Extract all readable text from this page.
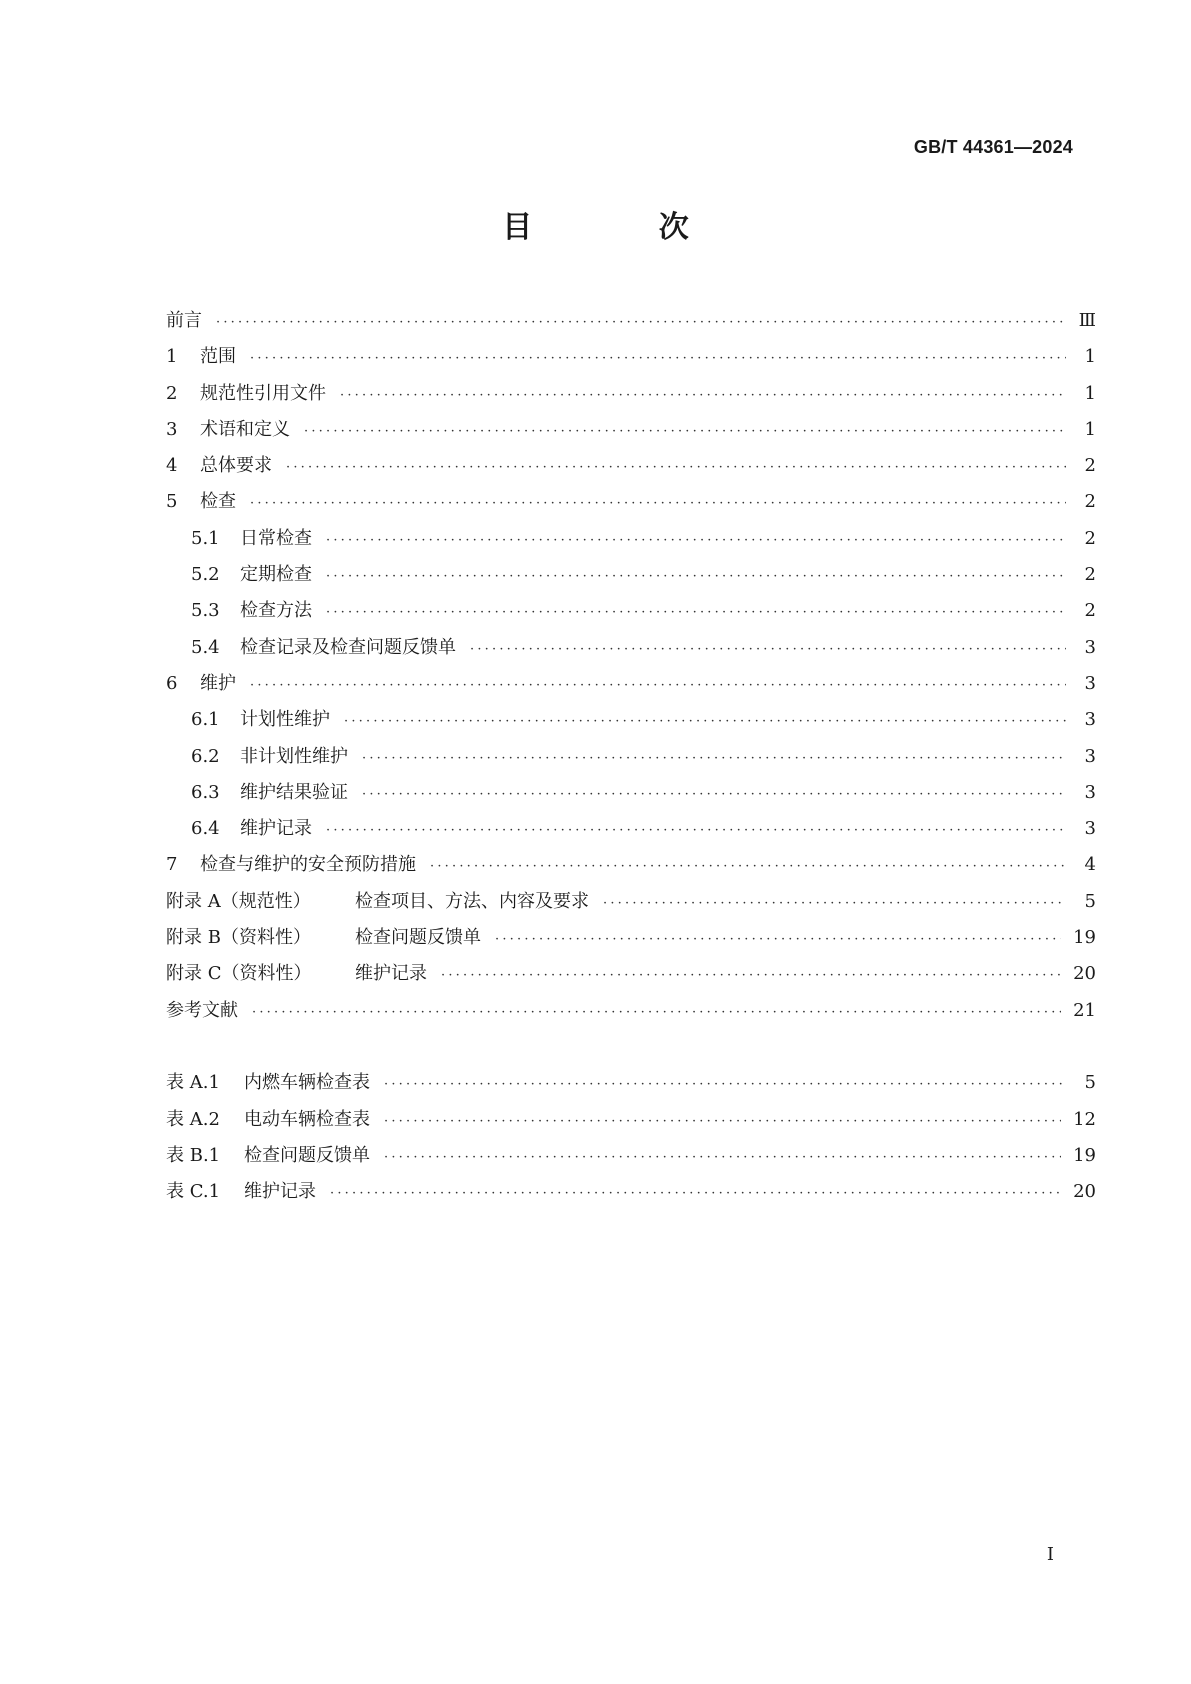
GB/T 44361—2024
目 次
前言 ·····	Ⅲ
1	范围 ·····	1
2	规范性引用文件 ·····	1
3	术语和定义 ·····	1
4	总体要求 ·····	2
5	检查 ·····	2
5.1	日常检查 ·····	2
5.2	定期检查 ·····	2
5.3	检查方法 ·····	2
5.4	检查记录及检查问题反馈单 ·····	3
6	维护 ·····	3
6.1	计划性维护 ·····	3
6.2	非计划性维护 ·····	3
6.3	维护结果验证 ·····	3
6.4	维护记录 ·····	3
7	检查与维护的安全预防措施 ·····	4
附录 A（规范性）	检查项目、方法、内容及要求 ·····	5
附录 B（资料性）	检查问题反馈单 ·····	19
附录 C（资料性）	维护记录 ·····	20
参考文献 ·····	21
表 A.1	内燃车辆检查表 ·····	5
表 A.2	电动车辆检查表 ·····	12
表 B.1	检查问题反馈单 ·····	19
表 C.1	维护记录 ·····	20
I
